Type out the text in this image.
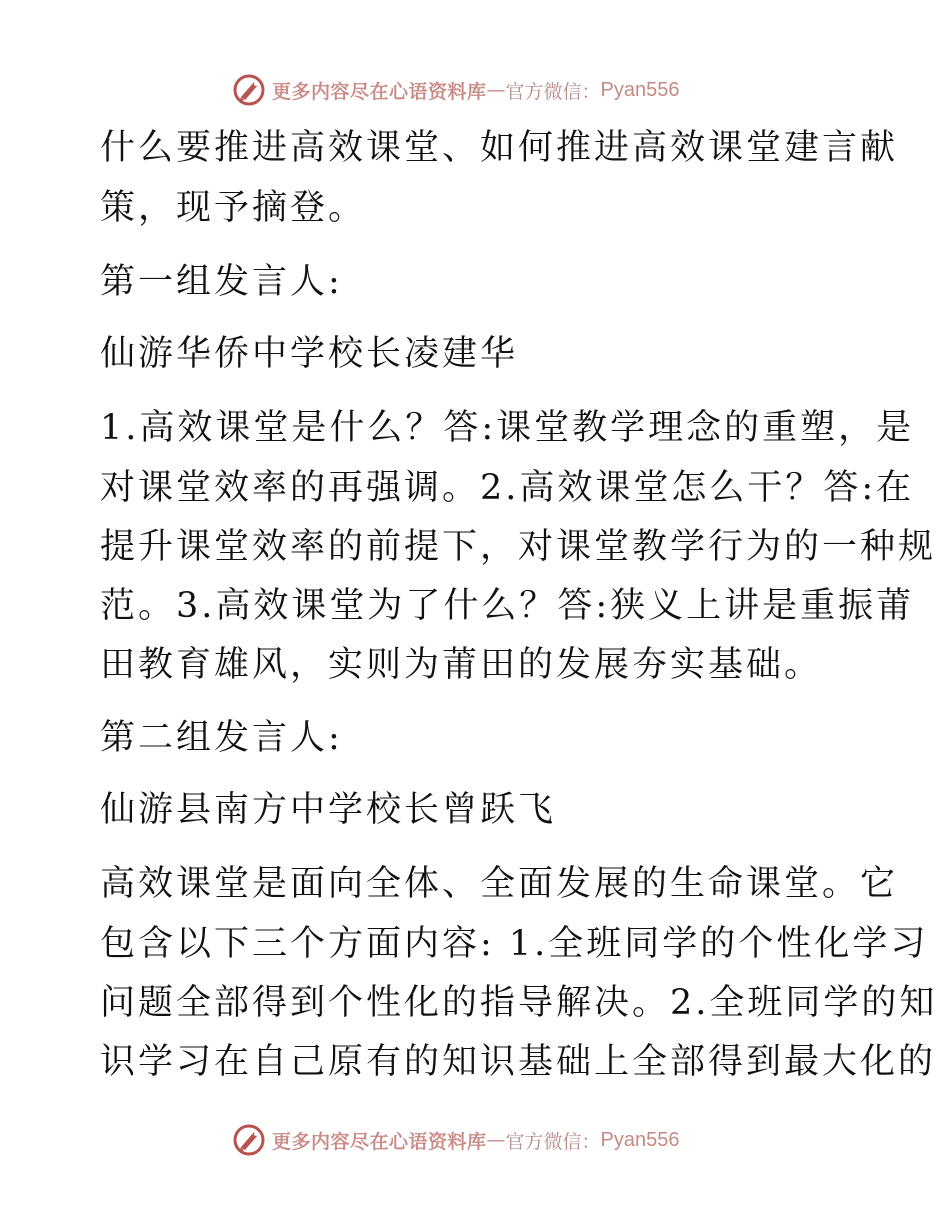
更多内容尽在心语资料库 — 官方微信： Pyan556
什么要推进高效课堂、如何推进高效课堂建言献
策，现予摘登。
第一组发言人:
仙游华侨中学校长凌建华
1.高效课堂是什么？答:课堂教学理念的重塑，是
对课堂效率的再强调。2.高效课堂怎么干？答:在
提升课堂效率的前提下，对课堂教学行为的一种规
范。3.高效课堂为了什么？答:狭义上讲是重振莆
田教育雄风，实则为莆田的发展夯实基础。
第二组发言人:
仙游县南方中学校长曾跃飞
高效课堂是面向全体、全面发展的生命课堂。它
包含以下三个方面内容: 1.全班同学的个性化学习
问题全部得到个性化的指导解决。2.全班同学的知
识学习在自己原有的知识基础上全部得到最大化的
更多内容尽在心语资料库 — 官方微信： Pyan556
